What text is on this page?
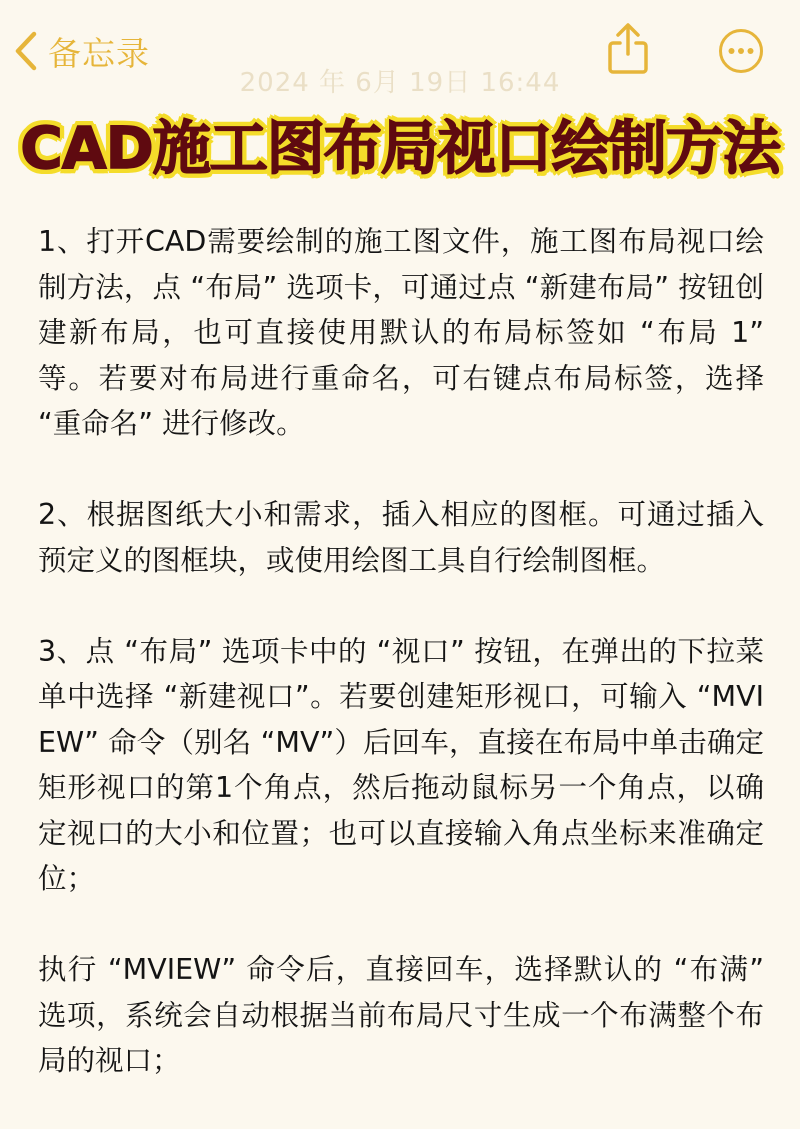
备忘录
2024 年 6月 19日 16:44
CAD施工图布局视口绘制方法

1、打开CAD需要绘制的施工图文件，施工图布局视口绘制方法，点 “布局” 选项卡，可通过点 “新建布局” 按钮创建新布局，也可直接使用默认的布局标签如 “布局 1” 等。若要对布局进行重命名，可右键点布局标签，选择 “重命名” 进行修改。

2、根据图纸大小和需求，插入相应的图框。可通过插入预定义的图框块，或使用绘图工具自行绘制图框。

3、点 “布局” 选项卡中的 “视口” 按钮，在弹出的下拉菜单中选择 “新建视口”。若要创建矩形视口，可输入 “MVIEW” 命令（别名 “MV”）后回车，直接在布局中单击确定矩形视口的第1个角点，然后拖动鼠标另一个角点，以确定视口的大小和位置；也可以直接输入角点坐标来准确定位；

执行 “MVIEW” 命令后，直接回车，选择默认的 “布满” 选项，系统会自动根据当前布局尺寸生成一个布满整个布局的视口；
